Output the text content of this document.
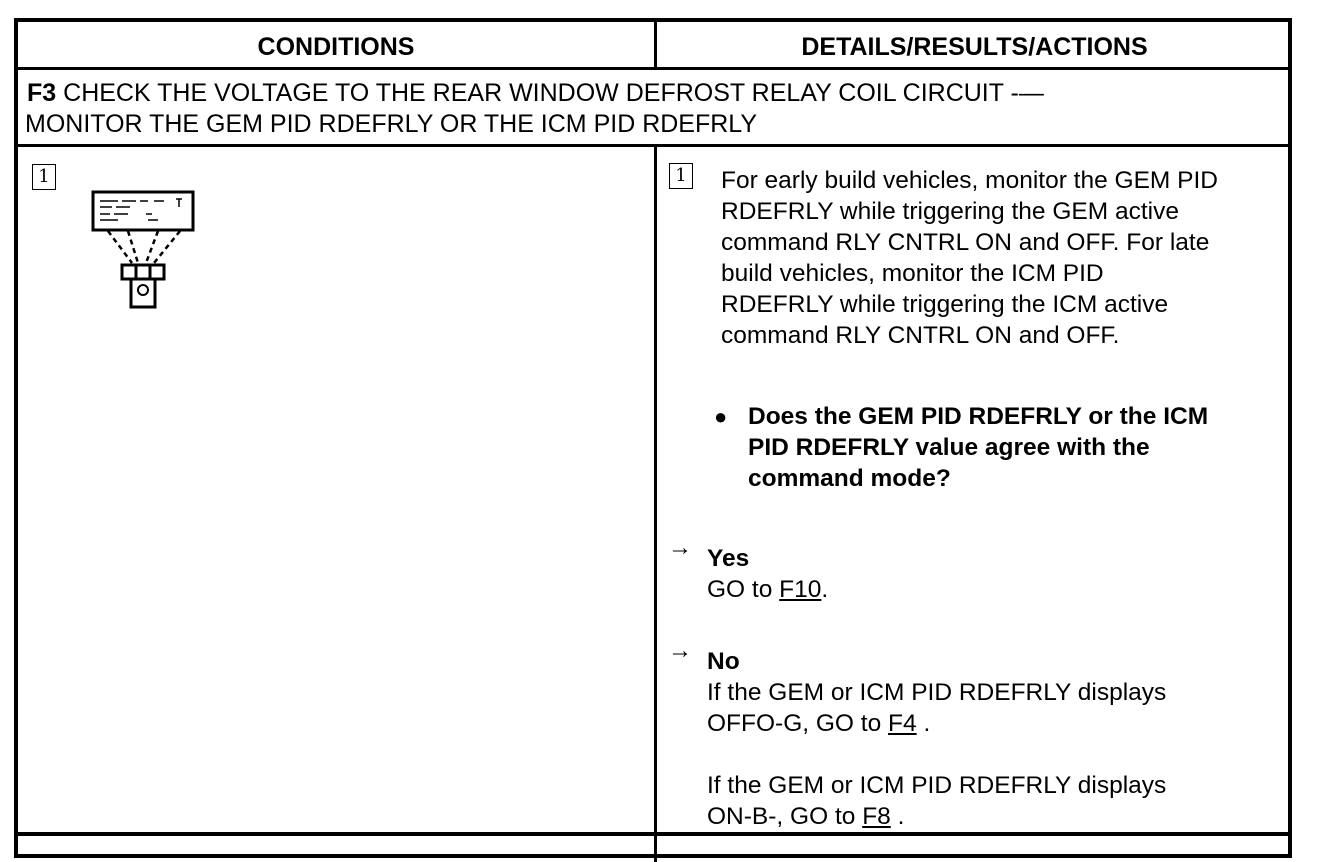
CONDITIONS	DETAILS/RESULTS/ACTIONS
F3 CHECK THE VOLTAGE TO THE REAR WINDOW DEFROST RELAY COIL CIRCUIT -—
MONITOR THE GEM PID RDEFRLY OR THE ICM PID RDEFRLY
1	1 For early build vehicles, monitor the GEM PID
RDEFRLY while triggering the GEM active
command RLY CNTRL ON and OFF. For late
build vehicles, monitor the ICM PID
RDEFRLY while triggering the ICM active
command RLY CNTRL ON and OFF.
● Does the GEM PID RDEFRLY or the ICM
PID RDEFRLY value agree with the
command mode?
→ Yes
GO to F10.
→ No
If the GEM or ICM PID RDEFRLY displays
OFFO-G, GO to F4 .
If the GEM or ICM PID RDEFRLY displays
ON-B-, GO to F8 .
